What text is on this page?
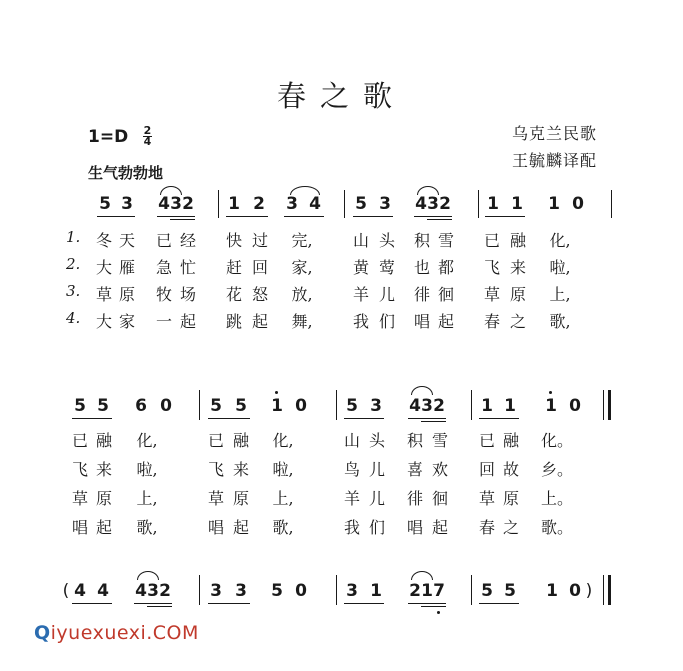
春之歌
乌克兰民歌
王毓麟译配
1=D 2
4
生气勃勃地
5 3 4 3 2 1 2 3 4 5 3 4 3 2 1 1 1 0
1. 冬 天 已 经 快 过 完,	山 头 积 雪 已 融 化,
2. 大 雁 急 忙 赶 回 家,	黄 莺 也 都 飞 来 啦,
3. 草 原 牧 场 花 怒 放,	羊 儿 徘 徊 草 原 上,
4. 大 家 一 起 跳 起 舞,	我 们 唱 起 春 之 歌,
5 5 6 0 5 5 1 0 5 3 4 3 2 1 1 1 0
已 融 化,	已 融 化,	山 头 积 雪 已 融 化。
飞 来 啦,	飞 来 啦,	鸟 儿 喜 欢 回 故 乡。
草 原 上,	草 原 上,	羊 儿 徘 徊 草 原 上。
唱 起 歌,	唱 起 歌,	我 们 唱 起 春 之 歌。
( 4 4 4 3 2 3 3 5 0 3 1 2 1 7 5 5 1 0 )
Qiyuexuexi.COM
